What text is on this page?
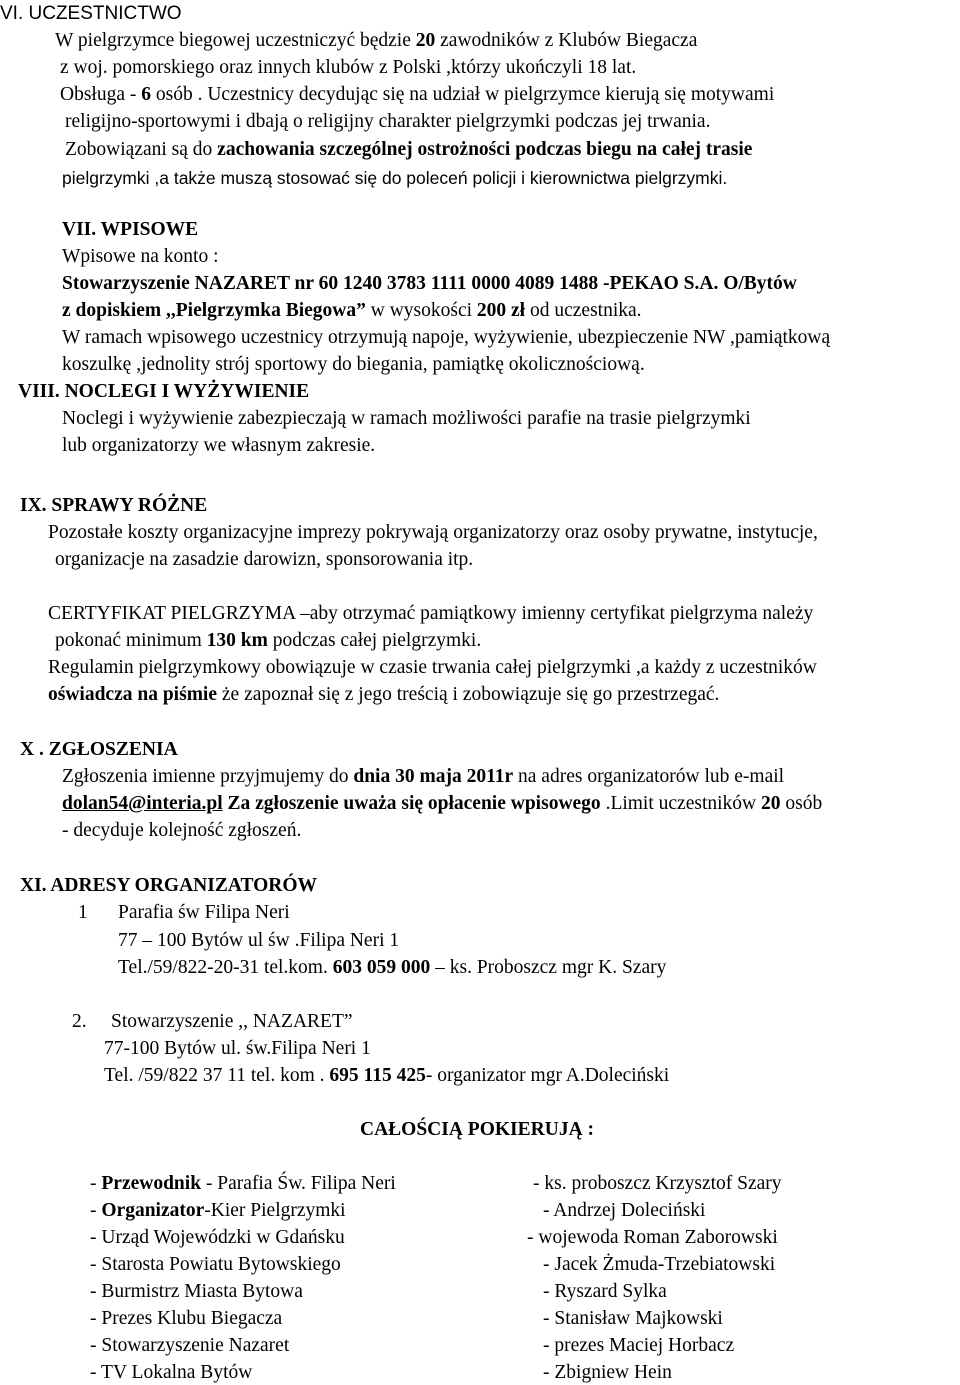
VI. UCZESTNICTWO
W pielgrzymce biegowej uczestniczyć będzie 20 zawodników z Klubów Biegacza
z woj. pomorskiego oraz innych klubów z Polski ,którzy ukończyli 18 lat.
Obsługa - 6 osób . Uczestnicy decydując się na udział w pielgrzymce kierują się motywami
religijno-sportowymi i dbają o religijny charakter pielgrzymki podczas jej trwania.
Zobowiązani są do zachowania szczególnej ostrożności podczas biegu na całej trasie
pielgrzymki ,a także muszą stosować się do poleceń policji i kierownictwa pielgrzymki.
VII. WPISOWE
Wpisowe na konto :
Stowarzyszenie NAZARET nr 60 1240 3783 1111 0000 4089 1488 -PEKAO S.A. O/Bytów
z dopiskiem ,,Pielgrzymka Biegowa” w wysokości 200 zł od uczestnika.
W ramach wpisowego uczestnicy otrzymują napoje, wyżywienie, ubezpieczenie NW ,pamiątkową
koszulkę ,jednolity strój sportowy do biegania, pamiątkę okolicznościową.
VIII. NOCLEGI I WYŻYWIENIE
Noclegi i wyżywienie zabezpieczają w ramach możliwości parafie na trasie pielgrzymki
lub organizatorzy we własnym zakresie.
IX. SPRAWY RÓŻNE
Pozostałe koszty organizacyjne imprezy pokrywają organizatorzy oraz osoby prywatne, instytucje,
organizacje na zasadzie darowizn, sponsorowania itp.
CERTYFIKAT PIELGRZYMA –aby otrzymać pamiątkowy imienny certyfikat pielgrzyma należy
pokonać minimum 130 km podczas całej pielgrzymki.
Regulamin pielgrzymkowy obowiązuje w czasie trwania całej pielgrzymki ,a każdy z uczestników
oświadcza na piśmie że zapoznał się z jego treścią i zobowiązuje się go przestrzegać.
X . ZGŁOSZENIA
Zgłoszenia imienne przyjmujemy do dnia 30 maja 2011r na adres organizatorów lub e-mail
dolan54@interia.pl Za zgłoszenie uważa się opłacenie wpisowego .Limit uczestników 20 osób
- decyduje kolejność zgłoszeń.
XI. ADRESY ORGANIZATORÓW
1 Parafia św Filipa Neri
77 – 100 Bytów ul św .Filipa Neri 1
Tel./59/822-20-31 tel.kom. 603 059 000 – ks. Proboszcz mgr K. Szary
2. Stowarzyszenie ,, NAZARET”
77-100 Bytów ul. św.Filipa Neri 1
Tel. /59/822 37 11 tel. kom . 695 115 425- organizator mgr A.Doleciński
CAŁOŚCIĄ POKIERUJĄ :
- Przewodnik - Parafia Św. Filipa Neri	- ks. proboszcz Krzysztof Szary
- Organizator-Kier Pielgrzymki	- Andrzej Doleciński
- Urząd Wojewódzki w Gdańsku	- wojewoda Roman Zaborowski
- Starosta Powiatu Bytowskiego	- Jacek Żmuda-Trzebiatowski
- Burmistrz Miasta Bytowa	- Ryszard Sylka
- Prezes Klubu Biegacza	- Stanisław Majkowski
- Stowarzyszenie Nazaret	- prezes Maciej Horbacz
- TV Lokalna Bytów	- Zbigniew Hein
